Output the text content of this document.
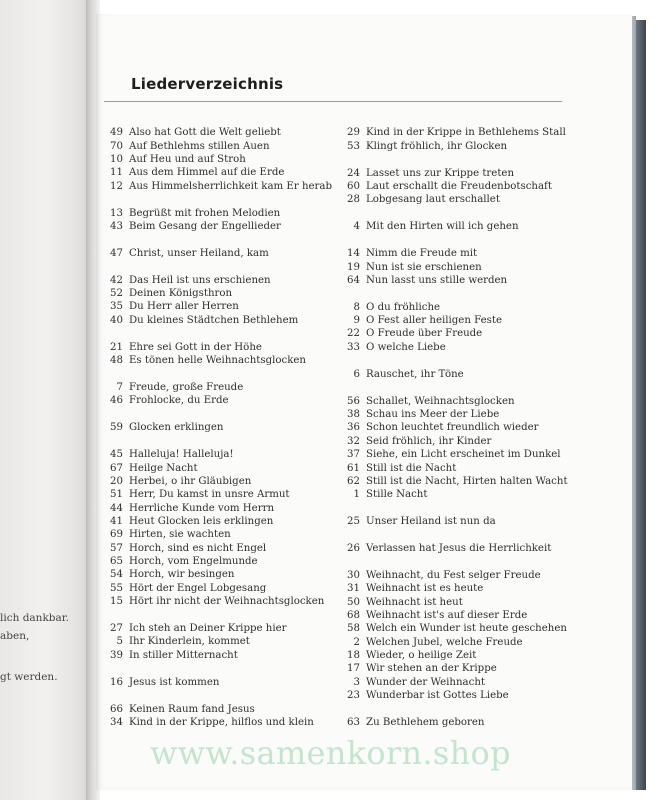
lich dankbar.
aben,
gt werden.
Liederverzeichnis
49 Also hat Gott die Welt geliebt
70 Auf Bethlehms stillen Auen
10 Auf Heu und auf Stroh
11 Aus dem Himmel auf die Erde
12 Aus Himmelsherrlichkeit kam Er herab
13 Begrüßt mit frohen Melodien
43 Beim Gesang der Engellieder
47 Christ, unser Heiland, kam
42 Das Heil ist uns erschienen
52 Deinen Königsthron
35 Du Herr aller Herren
40 Du kleines Städtchen Bethlehem
21 Ehre sei Gott in der Höhe
48 Es tönen helle Weihnachtsglocken
7 Freude, große Freude
46 Frohlocke, du Erde
59 Glocken erklingen
45 Halleluja! Halleluja!
67 Heilge Nacht
20 Herbei, o ihr Gläubigen
51 Herr, Du kamst in unsre Armut
44 Herrliche Kunde vom Herrn
41 Heut Glocken leis erklingen
69 Hirten, sie wachten
57 Horch, sind es nicht Engel
65 Horch, vom Engelmunde
54 Horch, wir besingen
55 Hört der Engel Lobgesang
15 Hört ihr nicht der Weihnachtsglocken
27 Ich steh an Deiner Krippe hier
5 Ihr Kinderlein, kommet
39 In stiller Mitternacht
16 Jesus ist kommen
66 Keinen Raum fand Jesus
34 Kind in der Krippe, hilflos und klein
29 Kind in der Krippe in Bethlehems Stall
53 Klingt fröhlich, ihr Glocken
24 Lasset uns zur Krippe treten
60 Laut erschallt die Freudenbotschaft
28 Lobgesang laut erschallet
4 Mit den Hirten will ich gehen
14 Nimm die Freude mit
19 Nun ist sie erschienen
64 Nun lasst uns stille werden
8 O du fröhliche
9 O Fest aller heiligen Feste
22 O Freude über Freude
33 O welche Liebe
6 Rauschet, ihr Töne
56 Schallet, Weihnachtsglocken
38 Schau ins Meer der Liebe
36 Schon leuchtet freundlich wieder
32 Seid fröhlich, ihr Kinder
37 Siehe, ein Licht erscheinet im Dunkel
61 Still ist die Nacht
62 Still ist die Nacht, Hirten halten Wacht
1 Stille Nacht
25 Unser Heiland ist nun da
26 Verlassen hat Jesus die Herrlichkeit
30 Weihnacht, du Fest selger Freude
31 Weihnacht ist es heute
50 Weihnacht ist heut
68 Weihnacht ist's auf dieser Erde
58 Welch ein Wunder ist heute geschehen
2 Welchen Jubel, welche Freude
18 Wieder, o heilige Zeit
17 Wir stehen an der Krippe
3 Wunder der Weihnacht
23 Wunderbar ist Gottes Liebe
63 Zu Bethlehem geboren
www.samenkorn.shop
